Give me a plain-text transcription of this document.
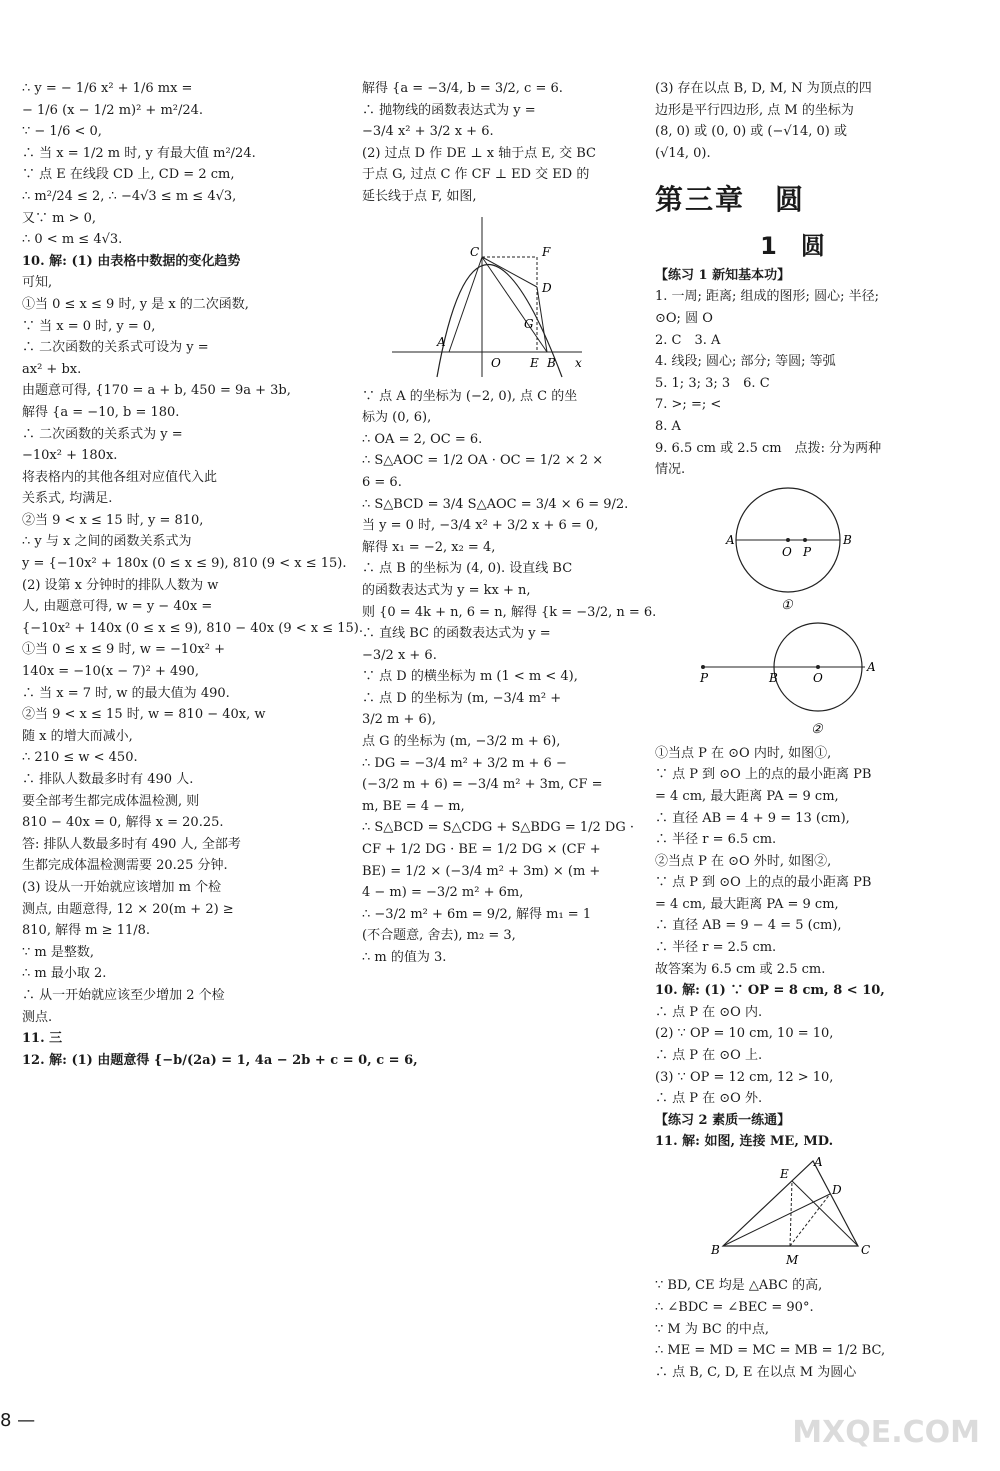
∴ y = − 1/6 x² + 1/6 mx =
− 1/6 (x − 1/2 m)² + m²/24.
∵ − 1/6 < 0,
∴ 当 x = 1/2 m 时, y 有最大值 m²/24.
∵ 点 E 在线段 CD 上, CD = 2 cm,
∴ m²/24 ≤ 2, ∴ −4√3 ≤ m ≤ 4√3,
又∵ m > 0,
∴ 0 < m ≤ 4√3.
10. 解: (1) 由表格中数据的变化趋势
可知,
①当 0 ≤ x ≤ 9 时, y 是 x 的二次函数,
∵ 当 x = 0 时, y = 0,
∴ 二次函数的关系式可设为 y =
ax² + bx.
由题意可得, {170 = a + b, 450 = 9a + 3b,
解得 {a = −10, b = 180.
∴ 二次函数的关系式为 y =
−10x² + 180x.
将表格内的其他各组对应值代入此
关系式, 均满足.
②当 9 < x ≤ 15 时, y = 810,
∴ y 与 x 之间的函数关系式为
y = {−10x² + 180x (0 ≤ x ≤ 9), 810 (9 < x ≤ 15).
(2) 设第 x 分钟时的排队人数为 w
人, 由题意可得, w = y − 40x =
{−10x² + 140x (0 ≤ x ≤ 9), 810 − 40x (9 < x ≤ 15).
①当 0 ≤ x ≤ 9 时, w = −10x² +
140x = −10(x − 7)² + 490,
∴ 当 x = 7 时, w 的最大值为 490.
②当 9 < x ≤ 15 时, w = 810 − 40x, w
随 x 的增大而减小,
∴ 210 ≤ w < 450.
∴ 排队人数最多时有 490 人.
要全部考生都完成体温检测, 则
810 − 40x = 0, 解得 x = 20.25.
答: 排队人数最多时有 490 人, 全部考
生都完成体温检测需要 20.25 分钟.
(3) 设从一开始就应该增加 m 个检
测点, 由题意得, 12 × 20(m + 2) ≥
810, 解得 m ≥ 11/8.
∵ m 是整数,
∴ m 最小取 2.
∴ 从一开始就应该至少增加 2 个检
测点.
11. 三
12. 解: (1) 由题意得 {−b/(2a) = 1, 4a − 2b + c = 0, c = 6,
解得 {a = −3/4, b = 3/2, c = 6.
∴ 抛物线的函数表达式为 y =
−3/4 x² + 3/2 x + 6.
(2) 过点 D 作 DE ⊥ x 轴于点 E, 交 BC
于点 G, 过点 C 作 CF ⊥ ED 交 ED 的
延长线于点 F, 如图,
A
C	F
D
G
O E B x
∵ 点 A 的坐标为 (−2, 0), 点 C 的坐
标为 (0, 6),
∴ OA = 2, OC = 6.
∴ S△AOC = 1/2 OA · OC = 1/2 × 2 ×
6 = 6.
∴ S△BCD = 3/4 S△AOC = 3/4 × 6 = 9/2.
当 y = 0 时, −3/4 x² + 3/2 x + 6 = 0,
解得 x₁ = −2, x₂ = 4,
∴ 点 B 的坐标为 (4, 0). 设直线 BC
的函数表达式为 y = kx + n,
则 {0 = 4k + n, 6 = n, 解得 {k = −3/2, n = 6.
∴ 直线 BC 的函数表达式为 y =
−3/2 x + 6.
∵ 点 D 的横坐标为 m (1 < m < 4),
∴ 点 D 的坐标为 (m, −3/4 m² +
3/2 m + 6),
点 G 的坐标为 (m, −3/2 m + 6),
∴ DG = −3/4 m² + 3/2 m + 6 −
(−3/2 m + 6) = −3/4 m² + 3m, CF =
m, BE = 4 − m,
∴ S△BCD = S△CDG + S△BDG = 1/2 DG ·
CF + 1/2 DG · BE = 1/2 DG × (CF +
BE) = 1/2 × (−3/4 m² + 3m) × (m +
4 − m) = −3/2 m² + 6m,
∴ −3/2 m² + 6m = 9/2, 解得 m₁ = 1
(不合题意, 舍去), m₂ = 3,
∴ m 的值为 3.
(3) 存在以点 B, D, M, N 为顶点的四
边形是平行四边形, 点 M 的坐标为
(8, 0) 或 (0, 0) 或 (−√14, 0) 或
(√14, 0).
第三章　圆
1　圆
【练习 1 新知基本功】
1. 一周; 距离; 组成的图形; 圆心; 半径;
⊙O; 圆 O
2. C　3. A
4. 线段; 圆心; 部分; 等圆; 等弧
5. 1; 3; 3; 3　6. C
7. >; =; <
8. A
9. 6.5 cm 或 2.5 cm　点拨: 分为两种
情况.
A	B
O P
①
P	B	O
A
②
①当点 P 在 ⊙O 内时, 如图①,
∵ 点 P 到 ⊙O 上的点的最小距离 PB
= 4 cm, 最大距离 PA = 9 cm,
∴ 直径 AB = 4 + 9 = 13 (cm),
∴ 半径 r = 6.5 cm.
②当点 P 在 ⊙O 外时, 如图②,
∵ 点 P 到 ⊙O 上的点的最小距离 PB
= 4 cm, 最大距离 PA = 9 cm,
∴ 直径 AB = 9 − 4 = 5 (cm),
∴ 半径 r = 2.5 cm.
故答案为 6.5 cm 或 2.5 cm.
10. 解: (1) ∵ OP = 8 cm, 8 < 10,
∴ 点 P 在 ⊙O 内.
(2) ∵ OP = 10 cm, 10 = 10,
∴ 点 P 在 ⊙O 上.
(3) ∵ OP = 12 cm, 12 > 10,
∴ 点 P 在 ⊙O 外.
【练习 2 素质一练通】
11. 解: 如图, 连接 ME, MD.
B	C
A
E
D
M
∵ BD, CE 均是 △ABC 的高,
∴ ∠BDC = ∠BEC = 90°.
∵ M 为 BC 的中点,
∴ ME = MD = MC = MB = 1/2 BC,
∴ 点 B, C, D, E 在以点 M 为圆心
8 —	MXQE.COM
